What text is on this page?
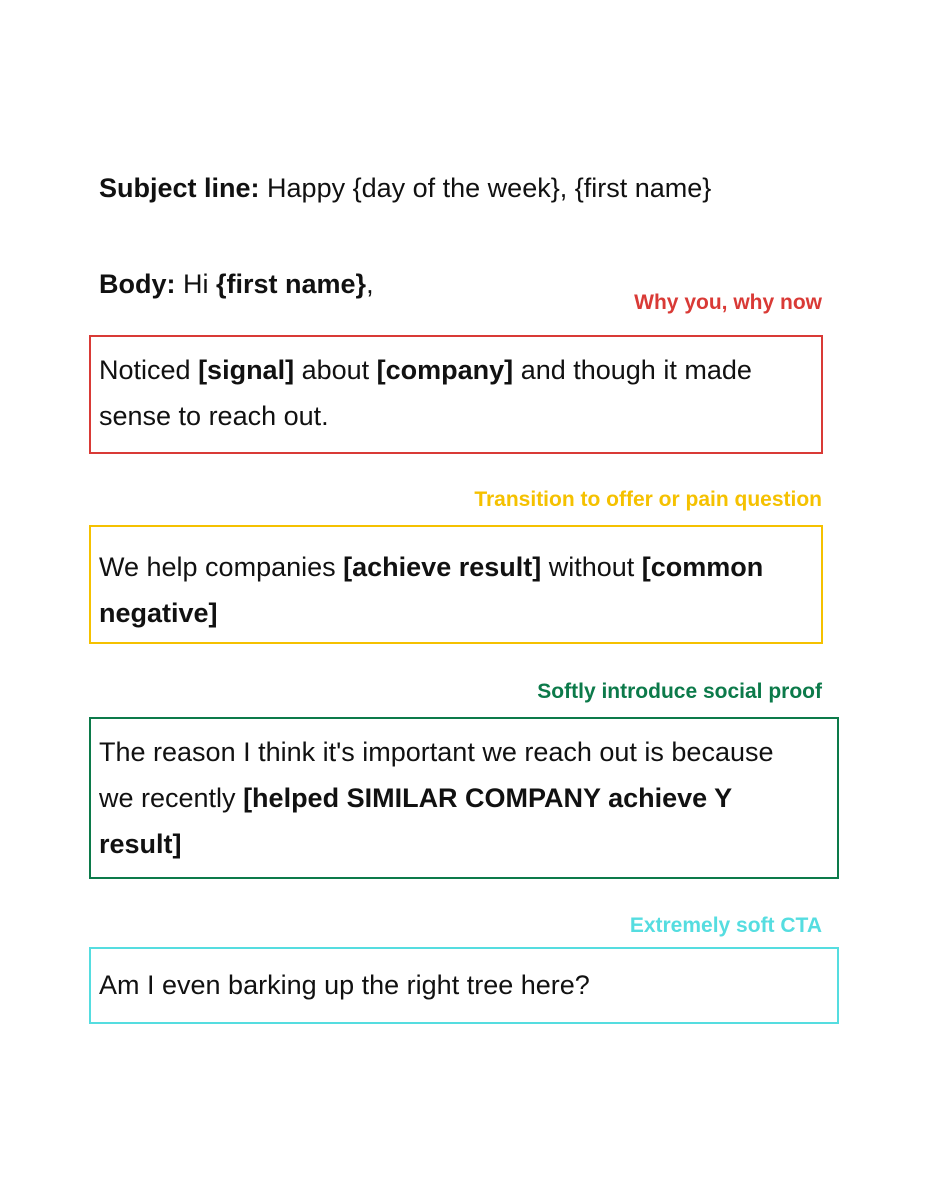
Subject line: Happy {day of the week}, {first name}
Body: Hi {first name},
Why you, why now

Noticed [signal] about [company] and though it made

sense to reach out.

Transition to offer or pain question

We help companies [achieve result] without [common

negative]

Softly introduce social proof

The reason I think it's important we reach out is because

we recently [helped SIMILAR COMPANY achieve Y

result]

Extremely soft CTA

Am I even barking up the right tree here?
